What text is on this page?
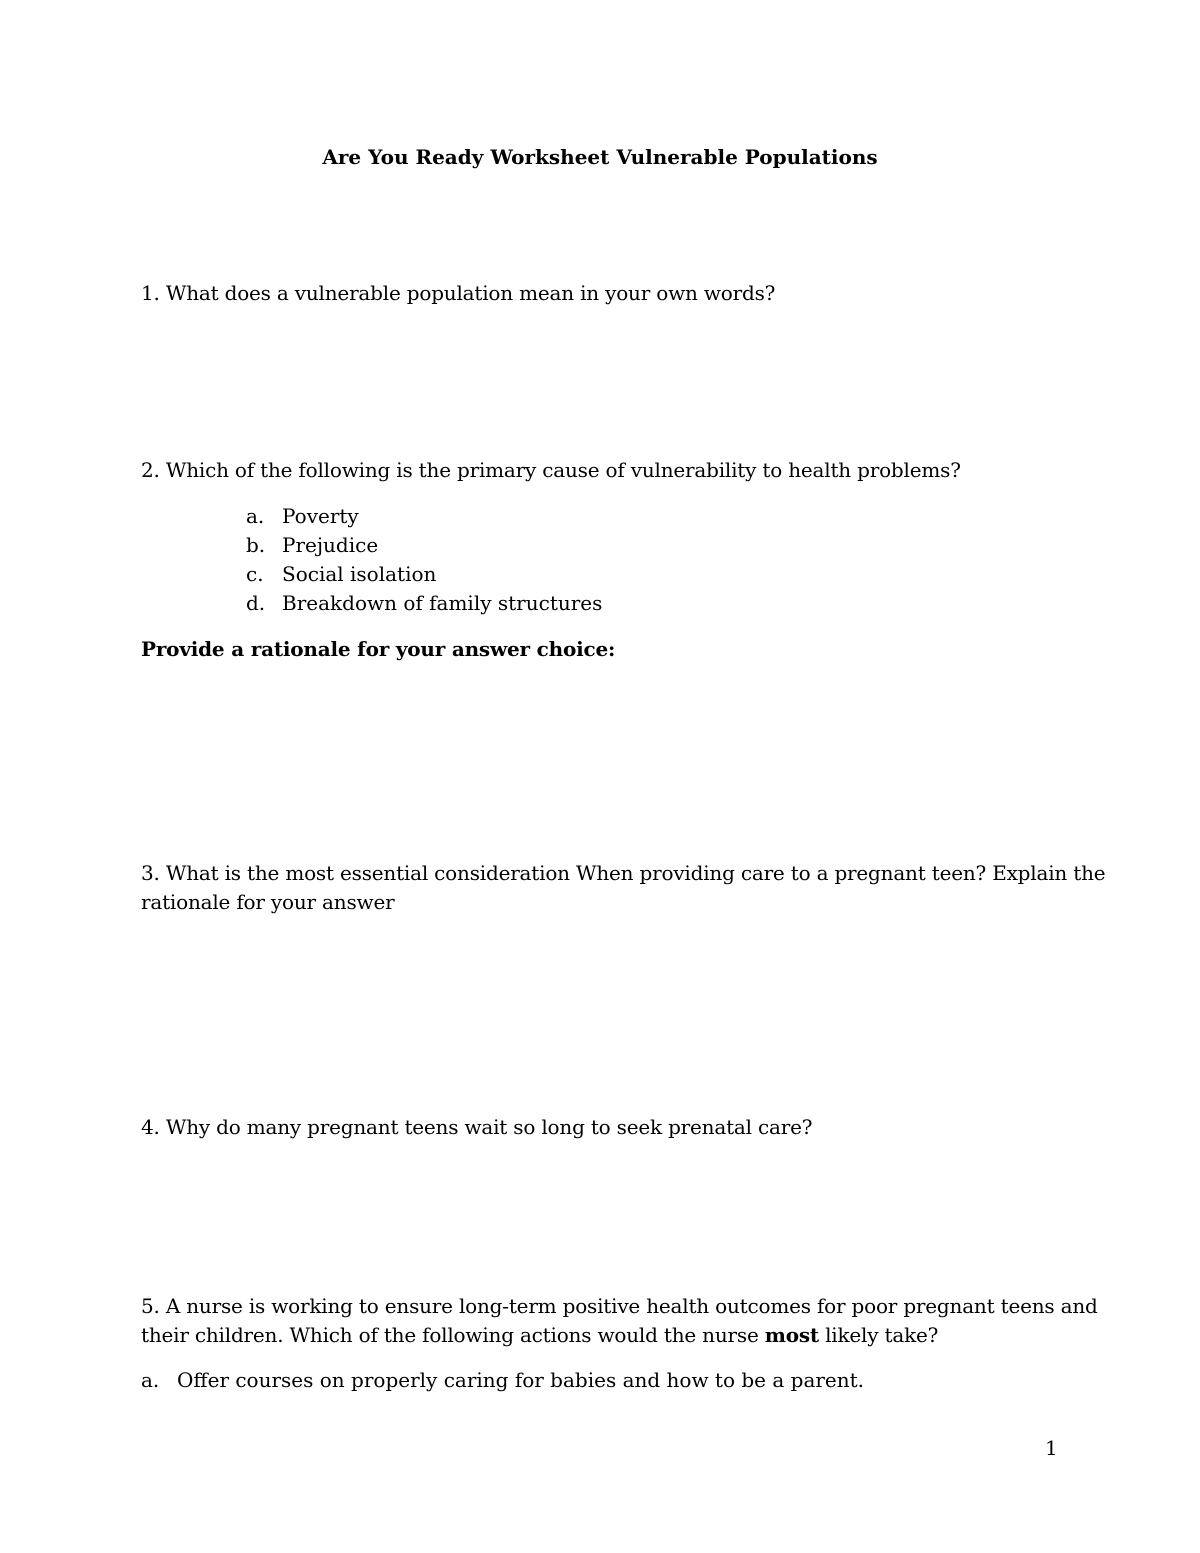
Are You Ready Worksheet Vulnerable Populations
1. What does a vulnerable population mean in your own words?
2. Which of the following is the primary cause of vulnerability to health problems?
a. Poverty
b. Prejudice
c. Social isolation
d. Breakdown of family structures
Provide a rationale for your answer choice:
3. What is the most essential consideration When providing care to a pregnant teen? Explain the
rationale for your answer
4. Why do many pregnant teens wait so long to seek prenatal care?
5. A nurse is working to ensure long-term positive health outcomes for poor pregnant teens and
their children. Which of the following actions would the nurse most likely take?
a. Offer courses on properly caring for babies and how to be a parent.
1
